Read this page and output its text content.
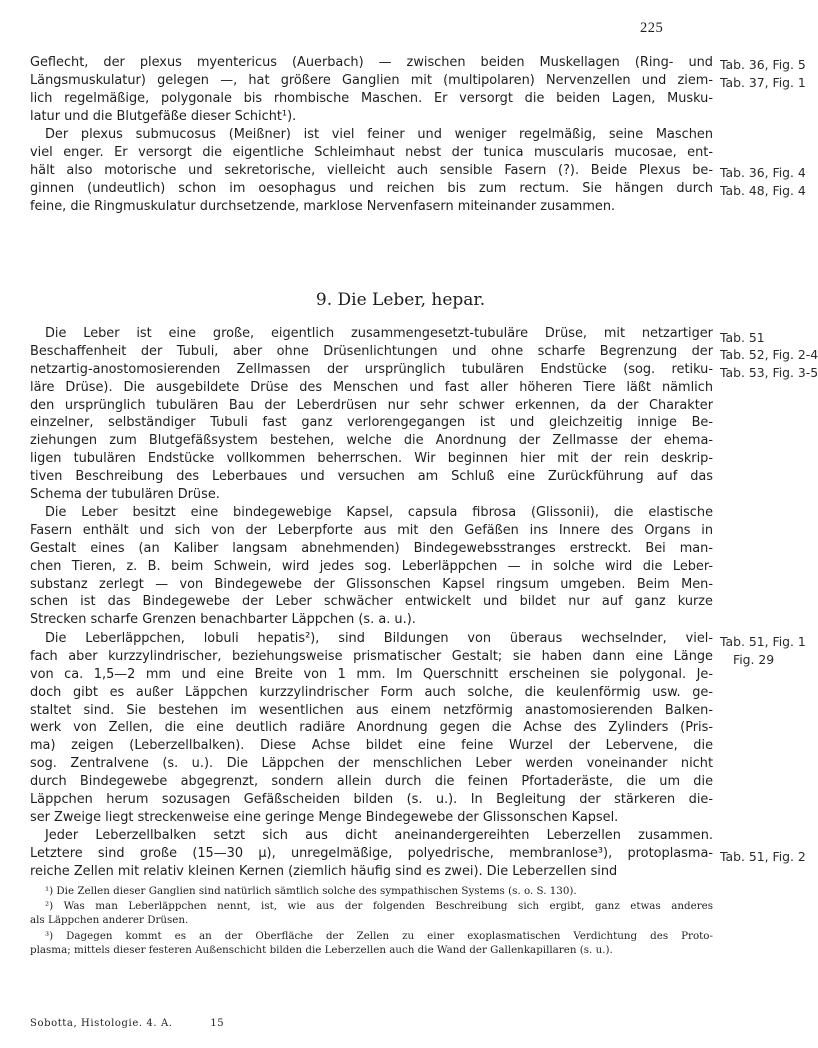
225
Geflecht, der plexus myentericus (Auerbach) — zwischen beiden Muskellagen (Ring- und
Längsmuskulatur) gelegen —, hat größere Ganglien mit (multipolaren) Nervenzellen und ziem-
lich regelmäßige, polygonale bis rhombische Maschen. Er versorgt die beiden Lagen, Musku-
latur und die Blutgefäße dieser Schicht¹).
Der plexus submucosus (Meißner) ist viel feiner und weniger regelmäßig, seine Maschen
viel enger. Er versorgt die eigentliche Schleimhaut nebst der tunica muscularis mucosae, ent-
hält also motorische und sekretorische, vielleicht auch sensible Fasern (?). Beide Plexus be-
ginnen (undeutlich) schon im oesophagus und reichen bis zum rectum. Sie hängen durch
feine, die Ringmuskulatur durchsetzende, marklose Nervenfasern miteinander zusammen.
9. Die Leber, hepar.
Die Leber ist eine große, eigentlich zusammengesetzt-tubuläre Drüse, mit netzartiger
Beschaffenheit der Tubuli, aber ohne Drüsenlichtungen und ohne scharfe Begrenzung der
netzartig-anostomosierenden Zellmassen der ursprünglich tubulären Endstücke (sog. retiku-
läre Drüse). Die ausgebildete Drüse des Menschen und fast aller höheren Tiere läßt nämlich
den ursprünglich tubulären Bau der Leberdrüsen nur sehr schwer erkennen, da der Charakter
einzelner, selbständiger Tubuli fast ganz verlorengegangen ist und gleichzeitig innige Be-
ziehungen zum Blutgefäßsystem bestehen, welche die Anordnung der Zellmasse der ehema-
ligen tubulären Endstücke vollkommen beherrschen. Wir beginnen hier mit der rein deskrip-
tiven Beschreibung des Leberbaues und versuchen am Schluß eine Zurückführung auf das
Schema der tubulären Drüse.
Die Leber besitzt eine bindegewebige Kapsel, capsula fibrosa (Glissonii), die elastische
Fasern enthält und sich von der Leberpforte aus mit den Gefäßen ins Innere des Organs in
Gestalt eines (an Kaliber langsam abnehmenden) Bindegewebsstranges erstreckt. Bei man-
chen Tieren, z. B. beim Schwein, wird jedes sog. Leberläppchen — in solche wird die Leber-
substanz zerlegt — von Bindegewebe der Glissonschen Kapsel ringsum umgeben. Beim Men-
schen ist das Bindegewebe der Leber schwächer entwickelt und bildet nur auf ganz kurze
Strecken scharfe Grenzen benachbarter Läppchen (s. a. u.).
Die Leberläppchen, lobuli hepatis²), sind Bildungen von überaus wechselnder, viel-
fach aber kurzzylindrischer, beziehungsweise prismatischer Gestalt; sie haben dann eine Länge
von ca. 1,5—2 mm und eine Breite von 1 mm. Im Querschnitt erscheinen sie polygonal. Je-
doch gibt es außer Läppchen kurzzylindrischer Form auch solche, die keulenförmig usw. ge-
staltet sind. Sie bestehen im wesentlichen aus einem netzförmig anastomosierenden Balken-
werk von Zellen, die eine deutlich radiäre Anordnung gegen die Achse des Zylinders (Pris-
ma) zeigen (Leberzellbalken). Diese Achse bildet eine feine Wurzel der Lebervene, die
sog. Zentralvene (s. u.). Die Läppchen der menschlichen Leber werden voneinander nicht
durch Bindegewebe abgegrenzt, sondern allein durch die feinen Pfortaderäste, die um die
Läppchen herum sozusagen Gefäßscheiden bilden (s. u.). In Begleitung der stärkeren die-
ser Zweige liegt streckenweise eine geringe Menge Bindegewebe der Glissonschen Kapsel.
Jeder Leberzellbalken setzt sich aus dicht aneinandergereihten Leberzellen zusammen.
Letztere sind große (15—30 µ), unregelmäßige, polyedrische, membranlose³), protoplasma-
reiche Zellen mit relativ kleinen Kernen (ziemlich häufig sind es zwei). Die Leberzellen sind
Tab. 36, Fig. 5
Tab. 37, Fig. 1
Tab. 36, Fig. 4
Tab. 48, Fig. 4
Tab. 51
Tab. 52, Fig. 2-4
Tab. 53, Fig. 3-5
Tab. 51, Fig. 1
Fig. 29
Tab. 51, Fig. 2
¹) Die Zellen dieser Ganglien sind natürlich sämtlich solche des sympathischen Systems (s. o. S. 130).
²) Was man Leberläppchen nennt, ist, wie aus der folgenden Beschreibung sich ergibt, ganz etwas anderes
als Läppchen anderer Drüsen.
³) Dagegen kommt es an der Oberfläche der Zellen zu einer exoplasmatischen Verdichtung des Proto-
plasma; mittels dieser festeren Außenschicht bilden die Leberzellen auch die Wand der Gallenkapillaren (s. u.).
Sobotta, Histologie. 4. A.          15
